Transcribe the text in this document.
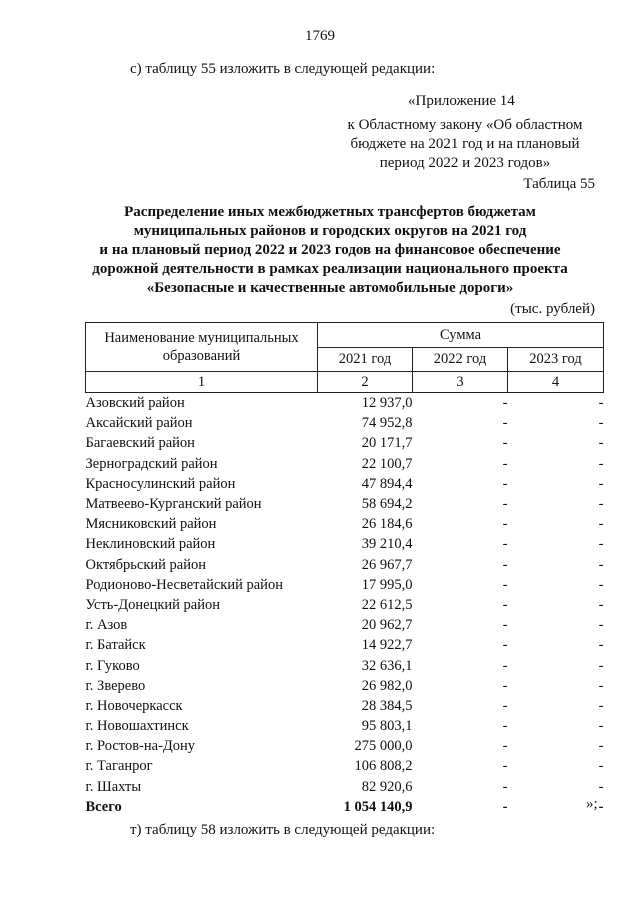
1769
с) таблицу 55 изложить в следующей редакции:
«Приложение 14
к Областному закону «Об областном
бюджете на 2021 год и на плановый
период 2022 и 2023 годов»
Таблица 55
Распределение иных межбюджетных трансфертов бюджетам
муниципальных районов и городских округов на 2021 год
и на плановый период 2022 и 2023 годов на финансовое обеспечение
дорожной деятельности в рамках реализации национального проекта
«Безопасные и качественные автомобильные дороги»
(тыс. рублей)
Наименование муниципальных образований	Сумма		
	2021 год	2022 год	2023 год
1	2	3	4
Азовский район	12 937,0	-	-
Аксайский район	74 952,8	-	-
Багаевский район	20 171,7	-	-
Зерноградский район	22 100,7	-	-
Красносулинский район	47 894,4	-	-
Матвеево-Курганский район	58 694,2	-	-
Мясниковский район	26 184,6	-	-
Неклиновский район	39 210,4	-	-
Октябрьский район	26 967,7	-	-
Родионово-Несветайский район	17 995,0	-	-
Усть-Донецкий район	22 612,5	-	-
г. Азов	20 962,7	-	-
г. Батайск	14 922,7	-	-
г. Гуково	32 636,1	-	-
г. Зверево	26 982,0	-	-
г. Новочеркасск	28 384,5	-	-
г. Новошахтинск	95 803,1	-	-
г. Ростов-на-Дону	275 000,0	-	-
г. Таганрог	106 808,2	-	-
г. Шахты	82 920,6	-	-
Всего	1 054 140,9	-	-
»;
т) таблицу 58 изложить в следующей редакции:
